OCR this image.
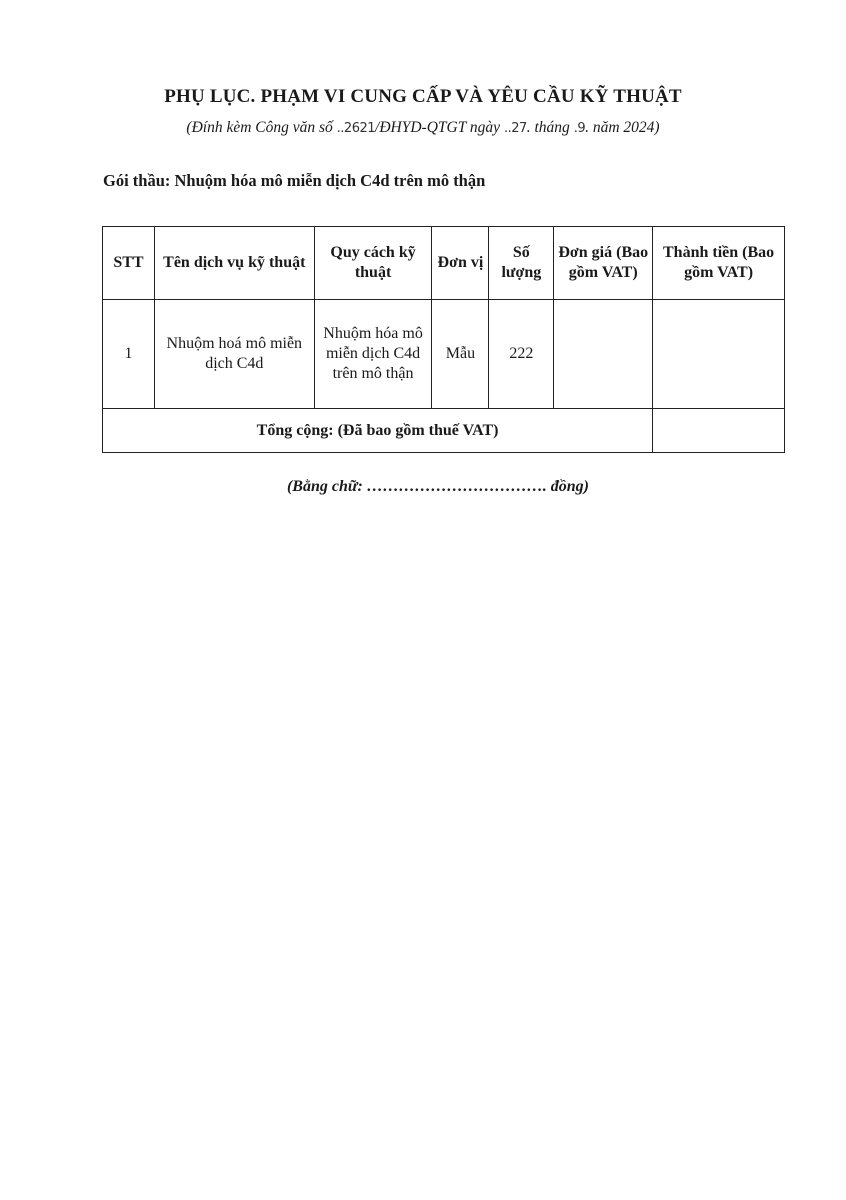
PHỤ LỤC. PHẠM VI CUNG CẤP VÀ YÊU CẦU KỸ THUẬT
(Đính kèm Công văn số ..2621/ĐHYD-QTGT ngày ..27. tháng .9. năm 2024)
Gói thầu: Nhuộm hóa mô miễn dịch C4d trên mô thận
STT	Tên dịch vụ kỹ thuật	Quy cách kỹ thuật	Đơn vị	Số lượng	Đơn giá (Bao gồm VAT)	Thành tiền (Bao gồm VAT)
1	Nhuộm hoá mô miễn dịch C4d	Nhuộm hóa mô miễn dịch C4d trên mô thận	Mẫu	222		
Tổng cộng: (Đã bao gồm thuế VAT)						
(Bằng chữ: ……………………………. đồng)
